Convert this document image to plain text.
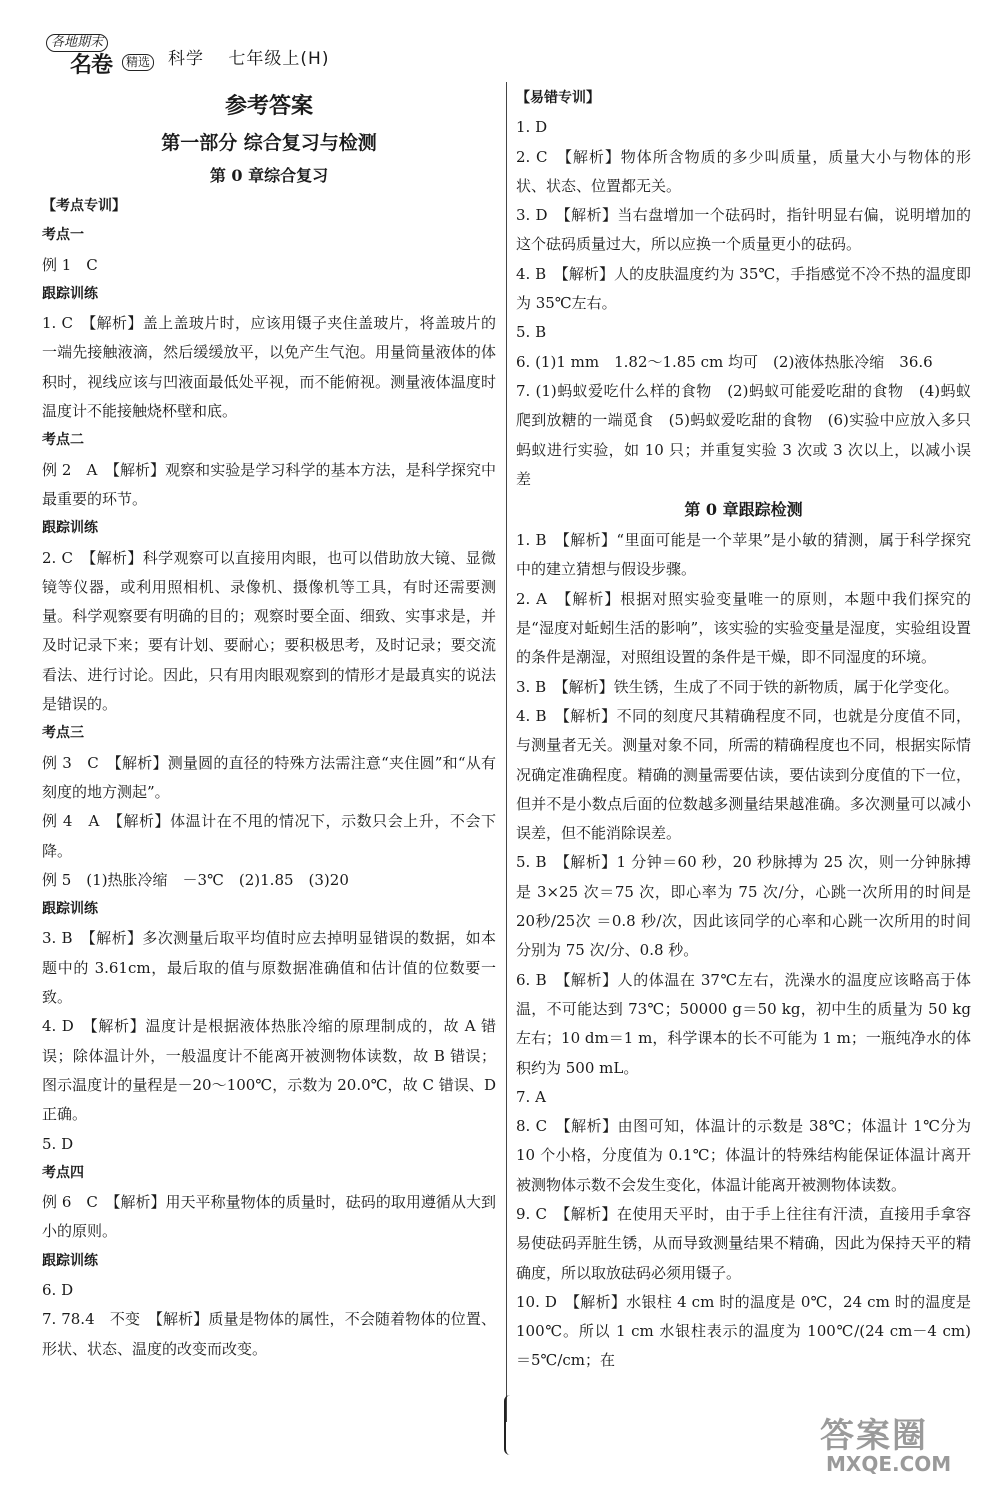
各地期末
名卷	精选 科学 七年级上(H)
参考答案
第一部分 综合复习与检测
第 0 章综合复习
【考点专训】
考点一
例 1　C
跟踪训练
1. C　【解析】盖上盖玻片时，应该用镊子夹住盖玻片，将盖玻片的一端先接触液滴，然后缓缓放平，以免产生气泡。用量筒量液体的体积时，视线应该与凹液面最低处平视，而不能俯视。测量液体温度时温度计不能接触烧杯壁和底。
考点二
例 2　A　【解析】观察和实验是学习科学的基本方法，是科学探究中最重要的环节。
跟踪训练
2. C　【解析】科学观察可以直接用肉眼，也可以借助放大镜、显微镜等仪器，或利用照相机、录像机、摄像机等工具，有时还需要测量。科学观察要有明确的目的；观察时要全面、细致、实事求是，并及时记录下来；要有计划、要耐心；要积极思考，及时记录；要交流看法、进行讨论。因此，只有用肉眼观察到的情形才是最真实的说法是错误的。
考点三
例 3　C　【解析】测量圆的直径的特殊方法需注意“夹住圆”和“从有刻度的地方测起”。
例 4　A　【解析】体温计在不甩的情况下，示数只会上升，不会下降。
例 5　(1)热胀冷缩　－3℃　(2)1.85　(3)20
跟踪训练
3. B　【解析】多次测量后取平均值时应去掉明显错误的数据，如本题中的 3.61cm，最后取的值与原数据准确值和估计值的位数要一致。
4. D　【解析】温度计是根据液体热胀冷缩的原理制成的，故 A 错误；除体温计外，一般温度计不能离开被测物体读数，故 B 错误；图示温度计的量程是－20～100℃，示数为 20.0℃，故 C 错误、D 正确。
5. D
考点四
例 6　C　【解析】用天平称量物体的质量时，砝码的取用遵循从大到小的原则。
跟踪训练
6. D
7. 78.4　不变　【解析】质量是物体的属性，不会随着物体的位置、形状、状态、温度的改变而改变。
【易错专训】
1. D
2. C　【解析】物体所含物质的多少叫质量，质量大小与物体的形状、状态、位置都无关。
3. D　【解析】当右盘增加一个砝码时，指针明显右偏，说明增加的这个砝码质量过大，所以应换一个质量更小的砝码。
4. B　【解析】人的皮肤温度约为 35℃，手指感觉不冷不热的温度即为 35℃左右。
5. B
6. (1)1 mm　1.82～1.85 cm 均可　(2)液体热胀冷缩　36.6
7. (1)蚂蚁爱吃什么样的食物　(2)蚂蚁可能爱吃甜的食物　(4)蚂蚁爬到放糖的一端觅食　(5)蚂蚁爱吃甜的食物　(6)实验中应放入多只蚂蚁进行实验，如 10 只；并重复实验 3 次或 3 次以上，以减小误差
第 0 章跟踪检测
1. B　【解析】“里面可能是一个苹果”是小敏的猜测，属于科学探究中的建立猜想与假设步骤。
2. A　【解析】根据对照实验变量唯一的原则，本题中我们探究的是“湿度对蚯蚓生活的影响”，该实验的实验变量是湿度，实验组设置的条件是潮湿，对照组设置的条件是干燥，即不同湿度的环境。
3. B　【解析】铁生锈，生成了不同于铁的新物质，属于化学变化。
4. B　【解析】不同的刻度尺其精确程度不同，也就是分度值不同，与测量者无关。测量对象不同，所需的精确程度也不同，根据实际情况确定准确程度。精确的测量需要估读，要估读到分度值的下一位，但并不是小数点后面的位数越多测量结果越准确。多次测量可以减小误差，但不能消除误差。
5. B　【解析】1 分钟＝60 秒，20 秒脉搏为 25 次，则一分钟脉搏是 3×25 次＝75 次，即心率为 75 次/分，心跳一次所用的时间是 20秒/25次 ＝0.8 秒/次，因此该同学的心率和心跳一次所用的时间分别为 75 次/分、0.8 秒。
6. B　【解析】人的体温在 37℃左右，洗澡水的温度应该略高于体温，不可能达到 73℃；50000 g＝50 kg，初中生的质量为 50 kg 左右；10 dm＝1 m，科学课本的长不可能为 1 m；一瓶纯净水的体积约为 500 mL。
7. A
8. C　【解析】由图可知，体温计的示数是 38℃；体温计 1℃分为 10 个小格，分度值为 0.1℃；体温计的特殊结构能保证体温计离开被测物体示数不会发生变化，体温计能离开被测物体读数。
9. C　【解析】在使用天平时，由于手上往往有汗渍，直接用手拿容易使砝码弄脏生锈，从而导致测量结果不精确，因此为保持天平的精确度，所以取放砝码必须用镊子。
10. D　【解析】水银柱 4 cm 时的温度是 0℃，24 cm 时的温度是 100℃。所以 1 cm 水银柱表示的温度为 100℃/(24 cm－4 cm) ＝5℃/cm；在
答案圈
MXQE.COM
